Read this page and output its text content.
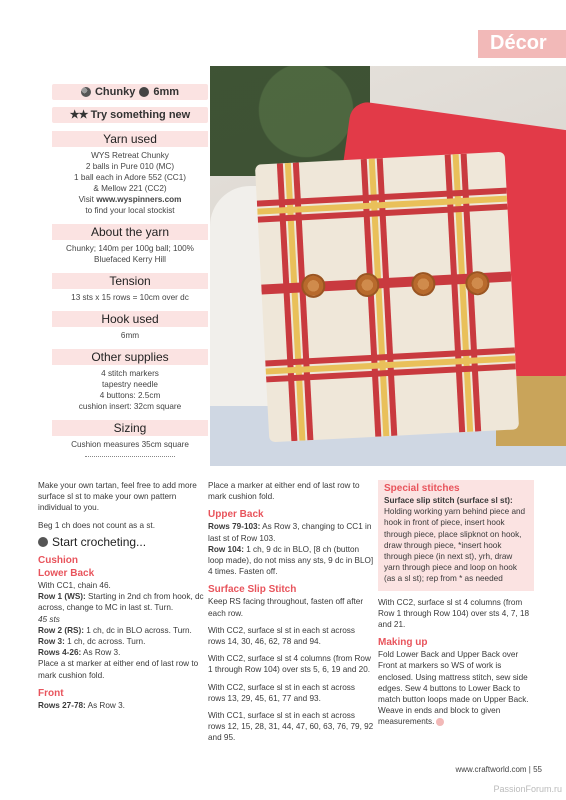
Décor
Chunky 6mm
★★ Try something new
Yarn used
WYS Retreat Chunky
2 balls in Pure 010 (MC)
1 ball each in Adore 552 (CC1)
& Mellow 221 (CC2)
Visit www.wyspinners.com
to find your local stockist
About the yarn
Chunky; 140m per 100g ball; 100%
Bluefaced Kerry Hill
Tension
13 sts x 15 rows = 10cm over dc
Hook used
6mm
Other supplies
4 stitch markers
tapestry needle
4 buttons: 2.5cm
cushion insert: 32cm square
Sizing
Cushion measures 35cm square

Make your own tartan, feel free to add more surface sl st to make your own pattern individual to you.

Beg 1 ch does not count as a st.

Start crocheting...
Cushion
Lower Back

With CC1, chain 46.

Row 1 (WS): Starting in 2nd ch from hook, dc across, change to MC in last st. Turn.

45 sts

Row 2 (RS): 1 ch, dc in BLO across. Turn.

Row 3: 1 ch, dc across. Turn.

Rows 4-26: As Row 3.

Place a st marker at either end of last row to mark cushion fold.

Front

Rows 27-78: As Row 3.

Place a marker at either end of last row to mark cushion fold.

Upper Back

Rows 79-103: As Row 3, changing to CC1 in last st of Row 103.

Row 104: 1 ch, 9 dc in BLO, [8 ch (button loop made), do not miss any sts, 9 dc in BLO] 4 times. Fasten off.

Surface Slip Stitch

Keep RS facing throughout, fasten off after each row.

With CC2, surface sl st in each st across rows 14, 30, 46, 62, 78 and 94.

With CC2, surface sl st 4 columns (from Row 1 through Row 104) over sts 5, 6, 19 and 20.

With CC2, surface sl st in each st across rows 13, 29, 45, 61, 77 and 93.

With CC1, surface sl st in each st across rows 12, 15, 28, 31, 44, 47, 60, 63, 76, 79, 92 and 95.

Special stitches

Surface slip stitch (surface sl st): Holding working yarn behind piece and hook in front of piece, insert hook through piece, place slipknot on hook, draw through piece, *insert hook through piece (in next st), yrh, draw yarn through piece and loop on hook (as a sl st); rep from * as needed

With CC2, surface sl st 4 columns (from Row 1 through Row 104) over sts 4, 7, 18 and 21.

Making up

Fold Lower Back and Upper Back over Front at markers so WS of work is enclosed. Using mattress stitch, sew side edges. Sew 4 buttons to Lower Back to match button loops made on Upper Back. Weave in ends and block to given measurements.

www.craftworld.com | 55
PassionForum.ru
